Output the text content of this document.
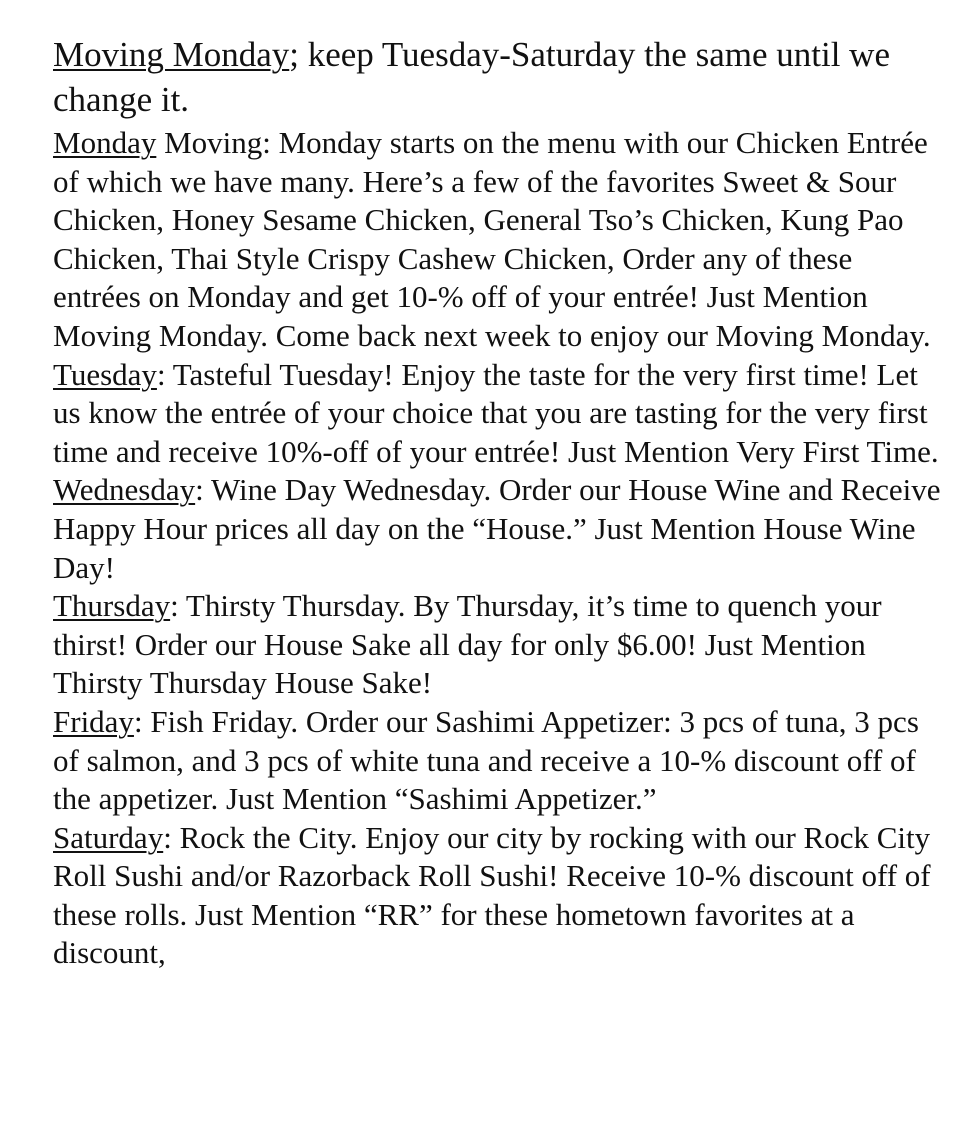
Moving Monday; keep Tuesday-Saturday the same until we change it.

Monday Moving: Monday starts on the menu with our Chicken Entrée of which we have many. Here’s a few of the favorites Sweet & Sour Chicken, Honey Sesame Chicken, General Tso’s Chicken, Kung Pao Chicken, Thai Style Crispy Cashew Chicken, Order any of these entrées on Monday and get 10-% off of your entrée! Just Mention Moving Monday. Come back next week to enjoy our Moving Monday.

Tuesday: Tasteful Tuesday! Enjoy the taste for the very first time! Let us know the entrée of your choice that you are tasting for the very first time and receive 10%-off of your entrée! Just Mention Very First Time.

Wednesday: Wine Day Wednesday. Order our House Wine and Receive Happy Hour prices all day on the “House.” Just Mention House Wine Day!

Thursday: Thirsty Thursday. By Thursday, it’s time to quench your thirst! Order our House Sake all day for only $6.00! Just Mention Thirsty Thursday House Sake!

Friday: Fish Friday. Order our Sashimi Appetizer: 3 pcs of tuna, 3 pcs of salmon, and 3 pcs of white tuna and receive a 10-% discount off of the appetizer. Just Mention “Sashimi Appetizer.”

Saturday: Rock the City. Enjoy our city by rocking with our Rock City Roll Sushi and/or Razorback Roll Sushi! Receive 10-% discount off of these rolls. Just Mention “RR” for these hometown favorites at a discount,
